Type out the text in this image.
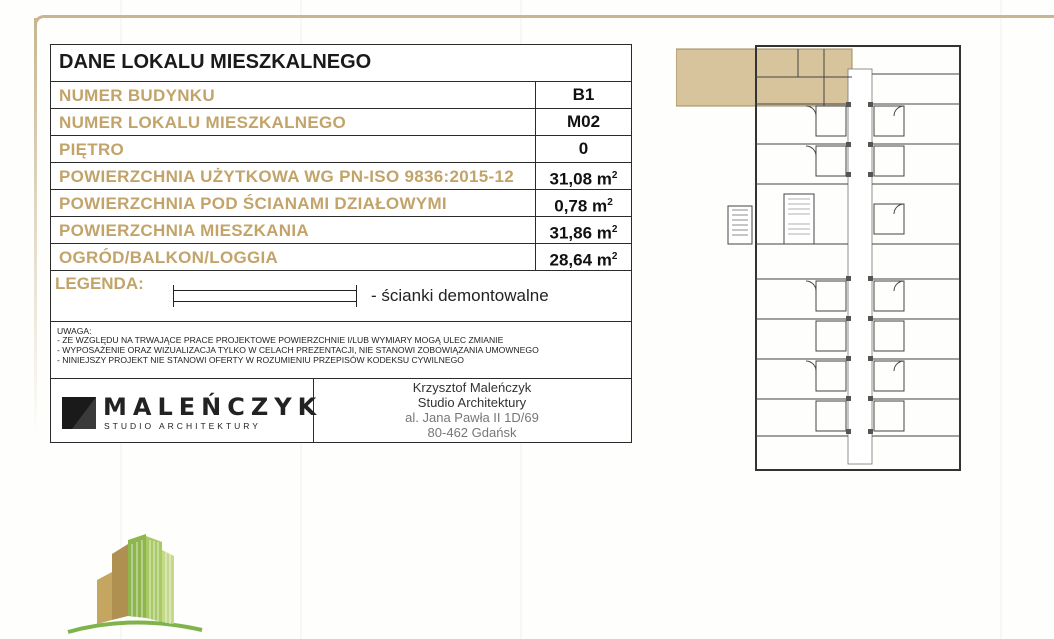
DANE LOKALU MIESZKALNEGO
NUMER BUDYNKU	B1
NUMER LOKALU MIESZKALNEGO	M02
PIĘTRO	0
POWIERZCHNIA UŻYTKOWA WG PN-ISO 9836:2015-12	31,08 $m^2$
POWIERZCHNIA POD ŚCIANAMI DZIAŁOWYMI	0,78 $m^2$
POWIERZCHNIA MIESZKANIA	31,86 $m^2$
OGRÓD/BALKON/LOGGIA	28,64 $m^2$
LEGENDA:
- ścianki demontowalne
UWAGA:
- ZE WZGLĘDU NA TRWAJĄCE PRACE PROJEKTOWE POWIERZCHNIE I/LUB WYMIARY MOGĄ ULEC ZMIANIE
- WYPOSAŻENIE ORAZ WIZUALIZACJA TYLKO W CELACH PREZENTACJI, NIE STANOWI ZOBOWIĄZANIA UMOWNEGO
- NINIEJSZY PROJEKT NIE STANOWI OFERTY W ROZUMIENIU PRZEPISÓW KODEKSU CYWILNEGO
MALEŃCZYK
STUDIO ARCHITEKTURY
Krzysztof Maleńczyk
Studio Architektury
al. Jana Pawła II 1D/69
80-462 Gdańsk
